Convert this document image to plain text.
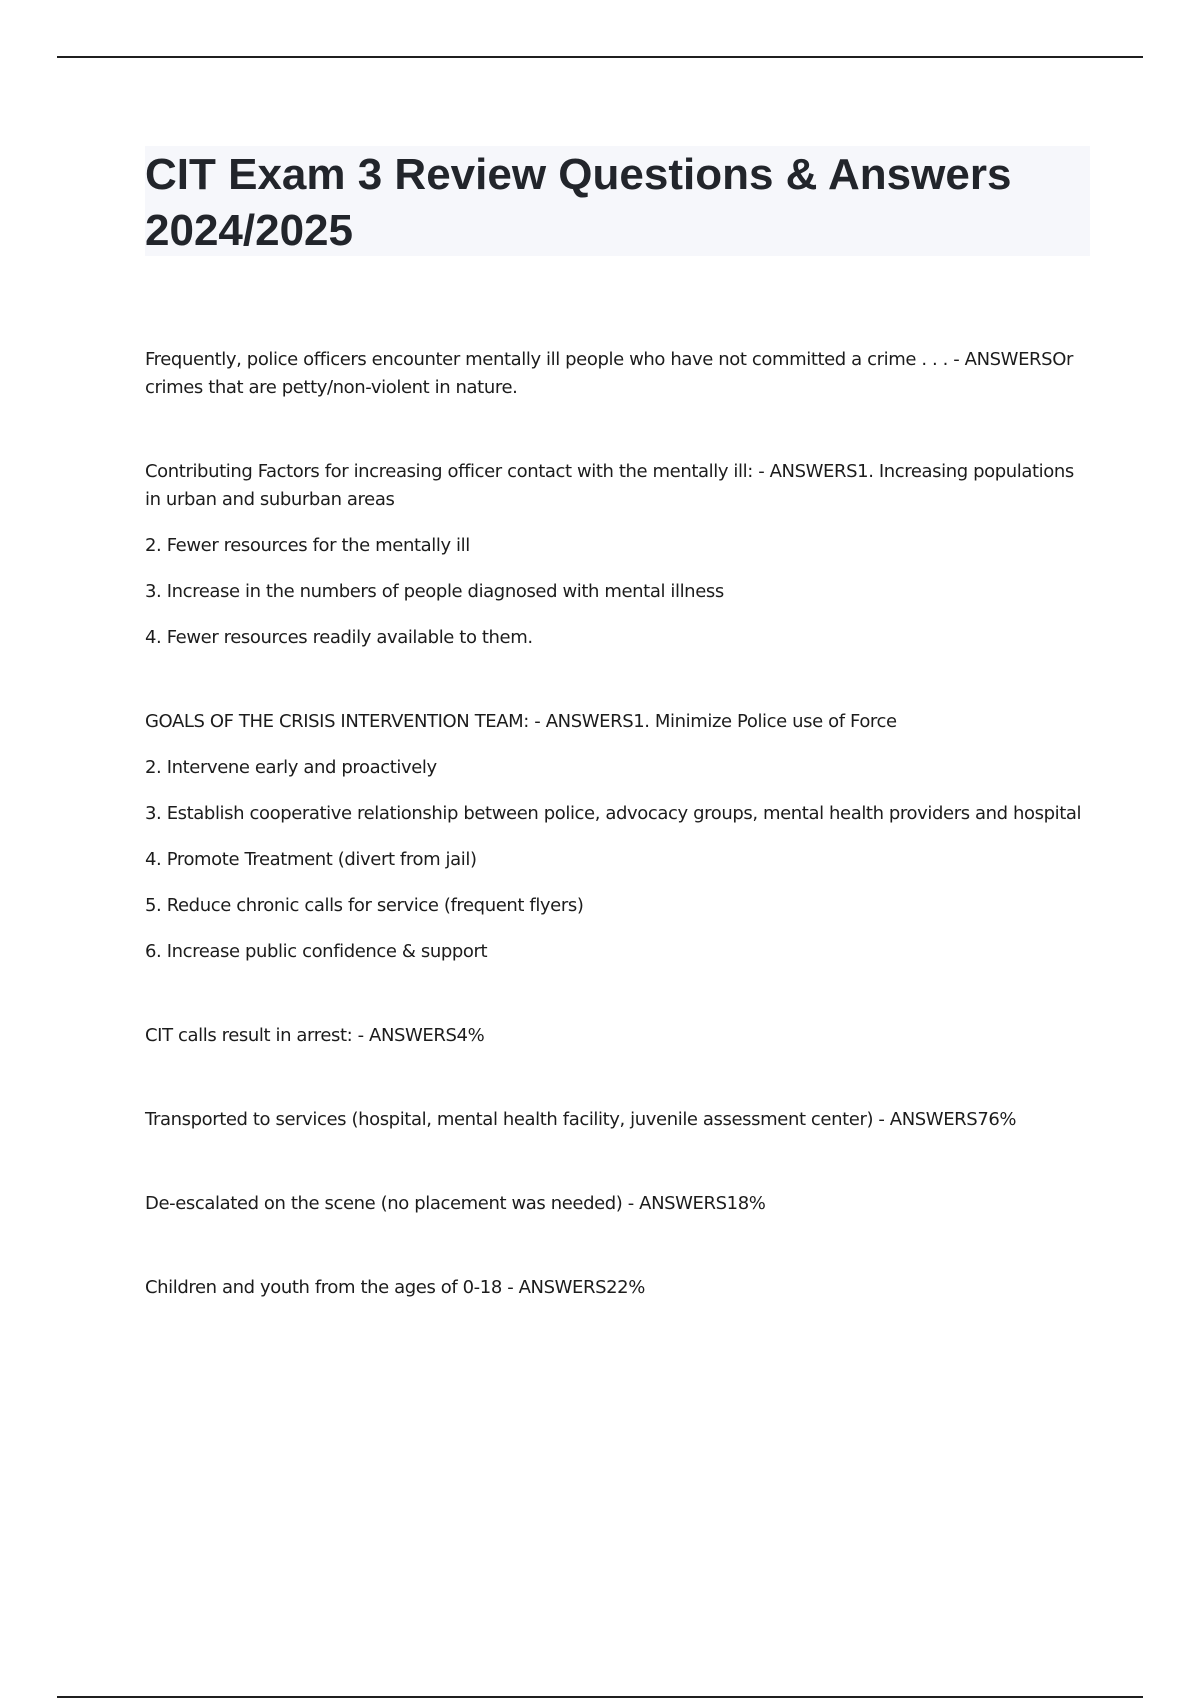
CIT Exam 3 Review Questions & Answers 2024/2025

Frequently, police officers encounter mentally ill people who have not committed a crime . . . - ANSWERSOr crimes that are petty/non-violent in nature.

Contributing Factors for increasing officer contact with the mentally ill: - ANSWERS1. Increasing populations in urban and suburban areas

2. Fewer resources for the mentally ill

3. Increase in the numbers of people diagnosed with mental illness

4. Fewer resources readily available to them.

GOALS OF THE CRISIS INTERVENTION TEAM: - ANSWERS1. Minimize Police use of Force

2. Intervene early and proactively

3. Establish cooperative relationship between police, advocacy groups, mental health providers and hospital

4. Promote Treatment (divert from jail)

5. Reduce chronic calls for service (frequent flyers)

6. Increase public confidence & support

CIT calls result in arrest: - ANSWERS4%

Transported to services (hospital, mental health facility, juvenile assessment center) - ANSWERS76%

De-escalated on the scene (no placement was needed) - ANSWERS18%

Children and youth from the ages of 0-18 - ANSWERS22%
